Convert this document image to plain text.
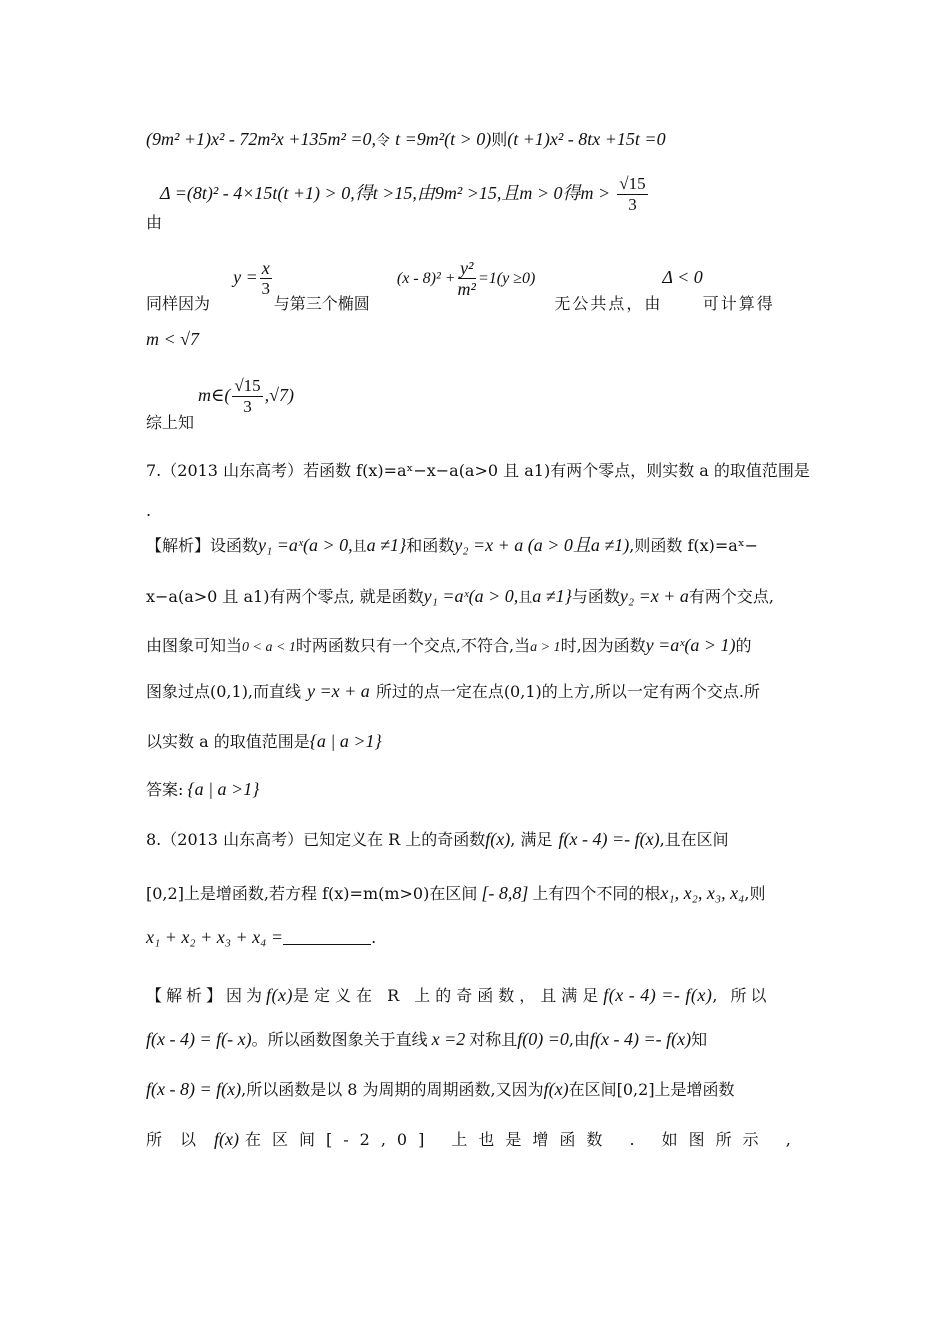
(9m² +1)x² - 72m²x +135m² =0,令 t =9m²(t > 0)则(t +1)x² - 8tx +15t =0
Δ =(8t)² - 4×15t(t +1) > 0,得t >15,由9m² >15,且m > 0得$m > \frac{√15}{3}$
由
同样因为 $y = \frac{x}{3}$
与第三个椭圆 $(x - 8)^2 + \frac{\text{y²}}{\text{m²}} =1(y \ge 0)$ 无公共点，由Δ < 0可计算得
m < √7
综上知
m∈( $\frac{√15}{3} ,√7$)
7.（2013 山东高考）若函数 f(x)=aˣ−x−a(a>0 且 a1)有两个零点，则实数 a 的取值范围是
.
【解析】设函数y₁ =aˣ(a > 0,且a ≠1}和函数y₂ =x + a (a > 0且a ≠1),则函数 f(x)=aˣ−
x−a(a>0 且 a1)有两个零点, 就是函数y₁ =aˣ(a > 0,且a ≠1}与函数y₂ =x + a有两个交点,
由图象可知当0 < a < 1时两函数只有一个交点,不符合,当a > 1时,因为函数y =aˣ(a > 1)的
图象过点(0,1),而直线 y =x + a 所过的点一定在点(0,1)的上方,所以一定有两个交点.所
以实数 a 的取值范围是{a | a >1}
答案: {a | a >1}
8.（2013 山东高考）已知定义在 R 上的奇函数f(x), 满足 f(x - 4) =- f(x),且在区间
[0,2]上是增函数,若方程 f(x)=m(m>0)在区间 [- 8,8] 上有四个不同的根x₁, x₂, x₃, x₄,则
x₁ + x₂ + x₃ + x₄ =	.
【解析】因为f(x)是定义在 R 上的奇函数，且满足f(x - 4) =- f(x), 所以
f(x - 4) = f(- x)。所以函数图象关于直线 x =2 对称且f(0) =0,由f(x - 4) =- f(x)知
f(x - 8) = f(x),所以函数是以 8 为周期的周期函数,又因为f(x)在区间[0,2]上是增函数
所以f(x) 在区间[-2,0] 上也是增函数 . 如图所示 ,
